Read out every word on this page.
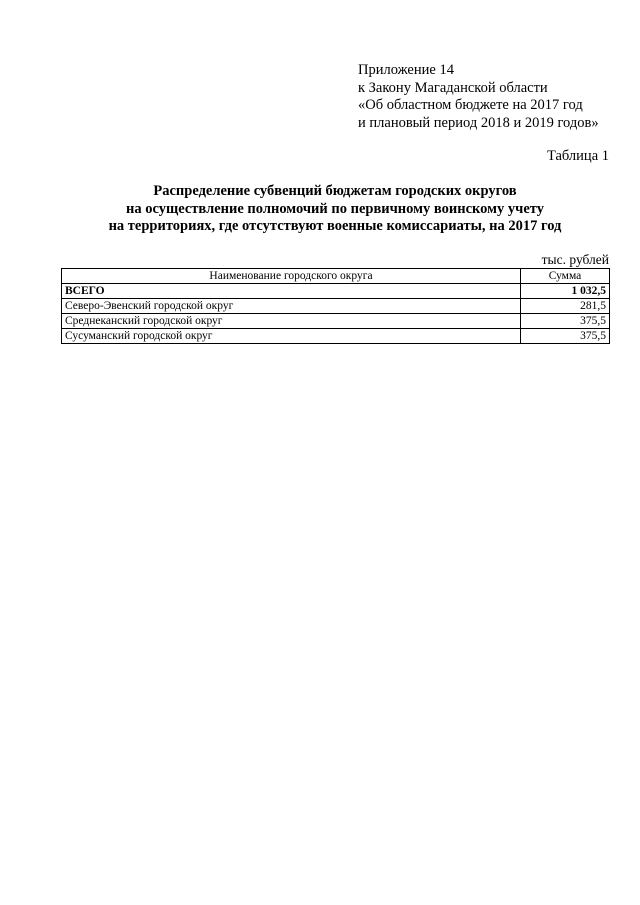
Приложение 14
к Закону Магаданской области
«Об областном бюджете на 2017 год
и плановый период 2018 и 2019 годов»
Таблица 1
Распределение субвенций бюджетам городских округов
на осуществление полномочий по первичному воинскому учету
на территориях, где отсутствуют военные комиссариаты, на 2017 год
тыс. рублей
Наименование городского округа	Сумма
ВСЕГО	1 032,5
Северо-Эвенский городской округ	281,5
Среднеканский городской округ	375,5
Сусуманский городской округ	375,5
